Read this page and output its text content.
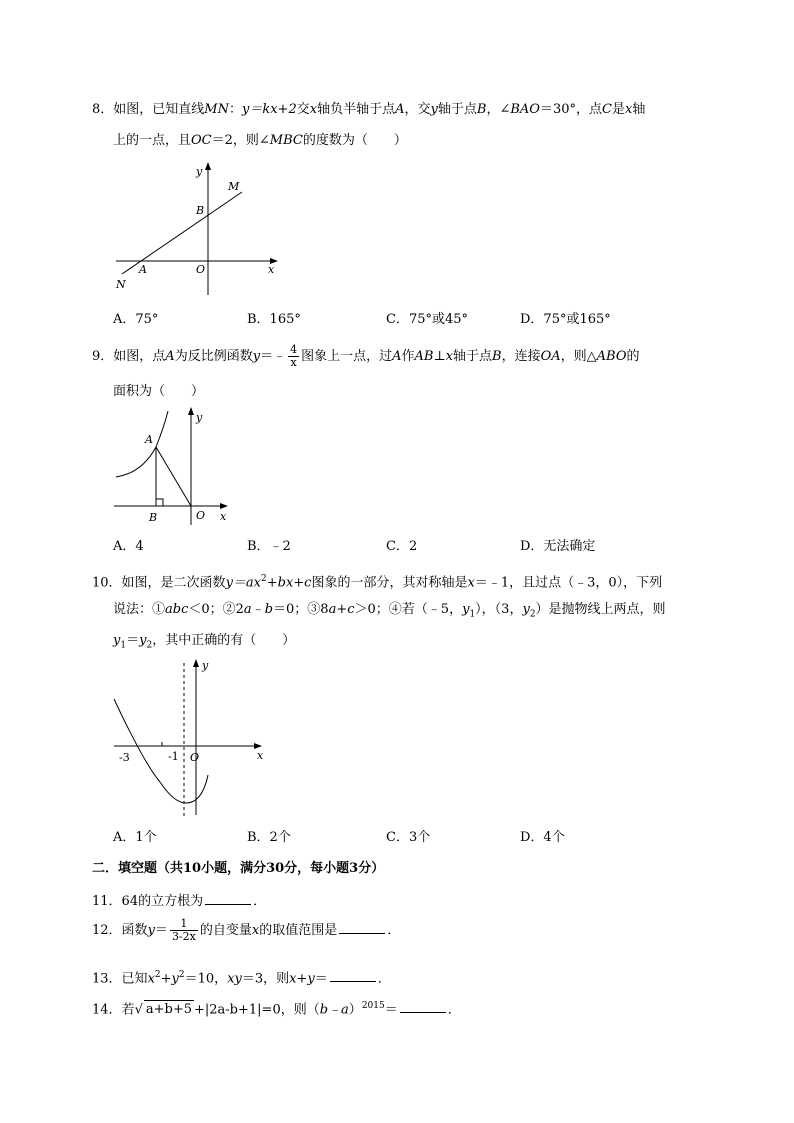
8．如图，已知直线MN：y＝kx+2交x轴负半轴于点A，交y轴于点B，∠BAO＝30°，点C是x轴
上的一点，且OC＝2，则∠MBC的度数为（　　）
y
M
B
A	O	x
N
A．75°	B．165°	C．75°或45°	D．75°或165°
9．如图，点A为反比例函数y＝﹣ $\frac{4}{x}$ 图象上一点，过A作AB⊥x轴于点B，连接OA，则△ABO的
面积为（　　）
y
A
B	O x
A．4	B．﹣2	C．2	D．无法确定
10．如图，是二次函数$y=ax^2+bx+c$图象的一部分，其对称轴是x＝﹣1，且过点（﹣3，0），下列
说法：①abc＜0；②2a﹣b＝0；③8a+c＞0；④若（﹣5，$y_1$），（3，$y_2$）是抛物线上两点，则
$y_1=y_2$，其中正确的有（　　）
y
-3	-1 O	x
A．1个	B．2个	C．3个	D．4个
二．填空题（共10小题，满分30分，每小题3分）
11．64的立方根为	．
12．函数$y= \frac{1}{3-2x}$ 的自变量x的取值范围是	．
13．已知$x^2+y^2=10$，xy＝3，则x+y＝	．
14．若√ a+b+5 +|2a-b+1|=0，则（b﹣a）$^{2015}$＝	．
